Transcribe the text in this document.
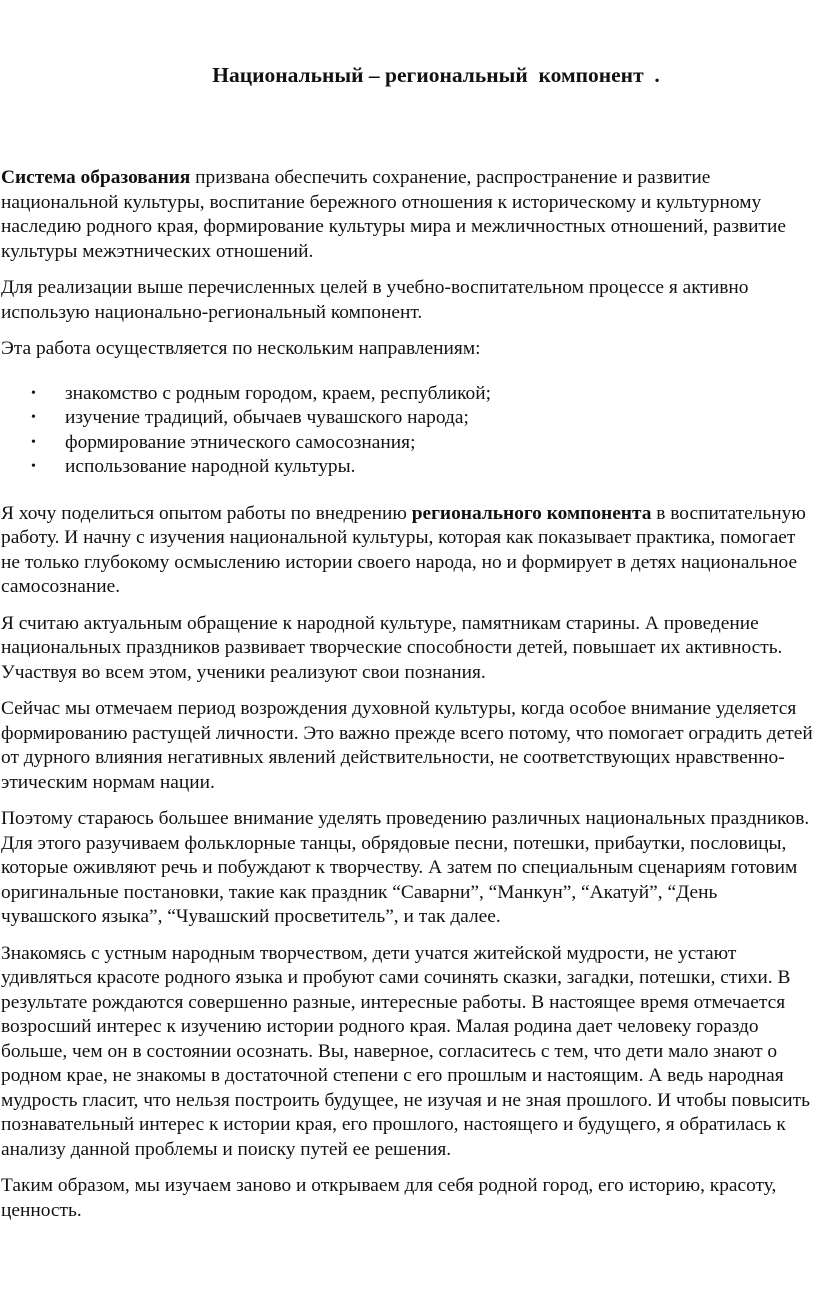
Национальный – региональный  компонент  .

Система образования призвана обеспечить сохранение, распространение и развитие национальной культуры, воспитание бережного отношения к историческому и культурному наследию родного края, формирование культуры мира и межличностных отношений, развитие культуры межэтнических отношений.

Для реализации выше перечисленных целей в учебно-воспитательном процессе я активно использую национально-региональный компонент.

Эта работа осуществляется по нескольким направлениям:

• знакомство с родным городом, краем, республикой;
• изучение традиций, обычаев чувашского народа;
• формирование этнического самосознания;
• использование народной культуры.

Я хочу поделиться опытом работы по внедрению регионального компонента в воспитательную работу. И начну с изучения национальной культуры, которая как показывает практика, помогает не только глубокому осмыслению истории своего народа, но и формирует в детях национальное самосознание.

Я считаю актуальным обращение к народной культуре, памятникам старины. А проведение национальных праздников развивает творческие способности детей, повышает их активность. Участвуя во всем этом, ученики реализуют свои познания.

Сейчас мы отмечаем период возрождения духовной культуры, когда особое внимание уделяется формированию растущей личности. Это важно прежде всего потому, что помогает оградить детей от дурного влияния негативных явлений действительности, не соответствующих нравственно-этическим нормам нации.

Поэтому стараюсь большее внимание уделять проведению различных национальных праздников. Для этого разучиваем фольклорные танцы, обрядовые песни, потешки, прибаутки, пословицы, которые оживляют речь и побуждают к творчеству. А затем по специальным сценариям готовим оригинальные постановки, такие как праздник “Саварни”, “Манкун”, “Акатуй”, “День чувашского языка”, “Чувашский просветитель”, и так далее.

Знакомясь с устным народным творчеством, дети учатся житейской мудрости, не устают удивляться красоте родного языка и пробуют сами сочинять сказки, загадки, потешки, стихи. В результате рождаются совершенно разные, интересные работы. В настоящее время отмечается возросший интерес к изучению истории родного края. Малая родина дает человеку гораздо больше, чем он в состоянии осознать. Вы, наверное, согласитесь с тем, что дети мало знают о родном крае, не знакомы в достаточной степени с его прошлым и настоящим. А ведь народная мудрость гласит, что нельзя построить будущее, не изучая и не зная прошлого. И чтобы повысить познавательный интерес к истории края, его прошлого, настоящего и будущего, я обратилась к анализу данной проблемы и поиску путей ее решения.

Таким образом, мы изучаем заново и открываем для себя родной город, его историю, красоту, ценность.
